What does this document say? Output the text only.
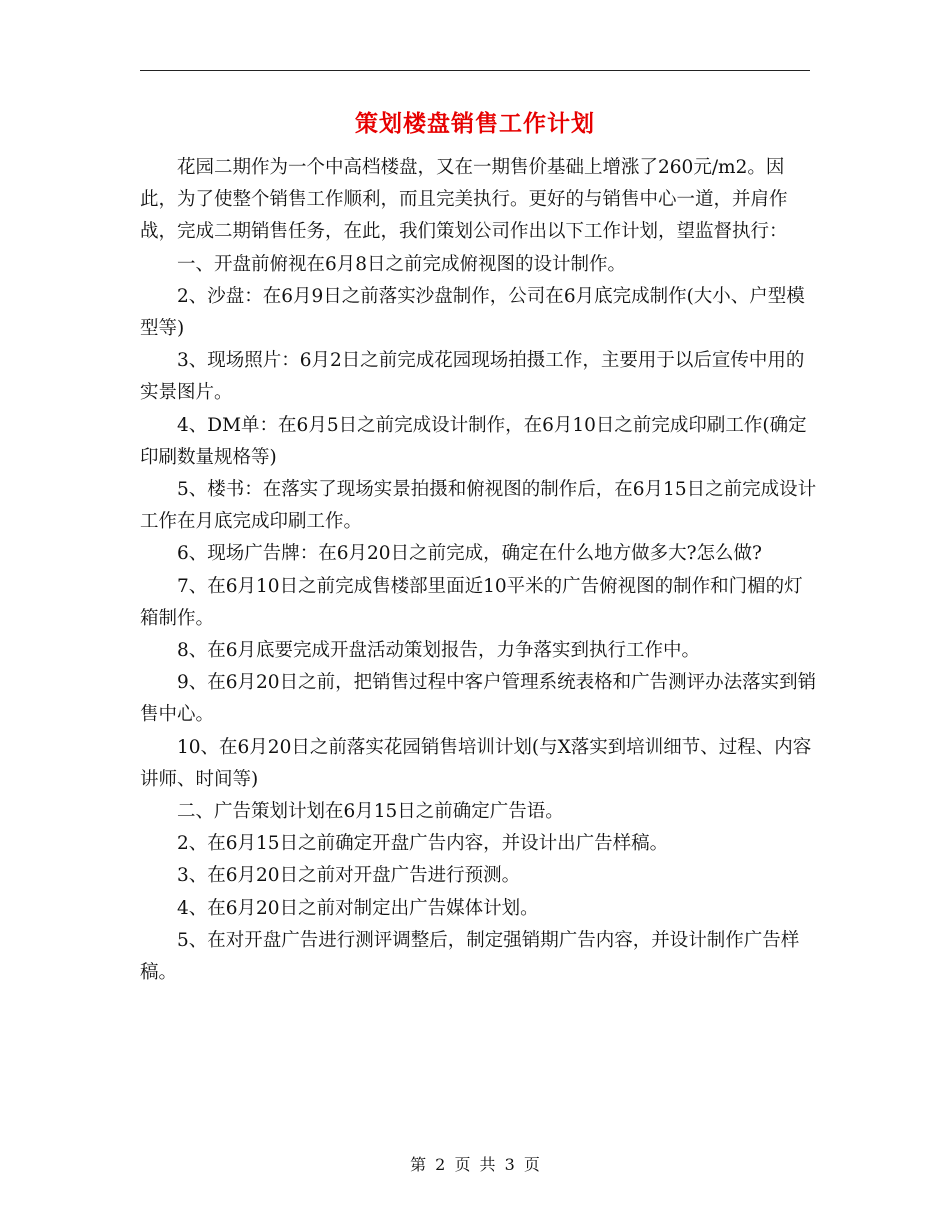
策划楼盘销售工作计划

花园二期作为一个中高档楼盘，又在一期售价基础上增涨了260元/m2。因此，为了使整个销售工作顺利，而且完美执行。更好的与销售中心一道，并肩作战，完成二期销售任务，在此，我们策划公司作出以下工作计划，望监督执行：

一、开盘前俯视在6月8日之前完成俯视图的设计制作。

2、沙盘：在6月9日之前落实沙盘制作，公司在6月底完成制作(大小、户型模型等)

3、现场照片：6月2日之前完成花园现场拍摄工作，主要用于以后宣传中用的实景图片。

4、DM单：在6月5日之前完成设计制作，在6月10日之前完成印刷工作(确定印刷数量规格等)

5、楼书：在落实了现场实景拍摄和俯视图的制作后，在6月15日之前完成设计工作在月底完成印刷工作。

6、现场广告牌：在6月20日之前完成，确定在什么地方做多大?怎么做?

7、在6月10日之前完成售楼部里面近10平米的广告俯视图的制作和门楣的灯箱制作。

8、在6月底要完成开盘活动策划报告，力争落实到执行工作中。

9、在6月20日之前，把销售过程中客户管理系统表格和广告测评办法落实到销售中心。

10、在6月20日之前落实花园销售培训计划(与X落实到培训细节、过程、内容讲师、时间等)

二、广告策划计划在6月15日之前确定广告语。

2、在6月15日之前确定开盘广告内容，并设计出广告样稿。

3、在6月20日之前对开盘广告进行预测。

4、在6月20日之前对制定出广告媒体计划。

5、在对开盘广告进行测评调整后，制定强销期广告内容，并设计制作广告样稿。

第 2 页 共 3 页
